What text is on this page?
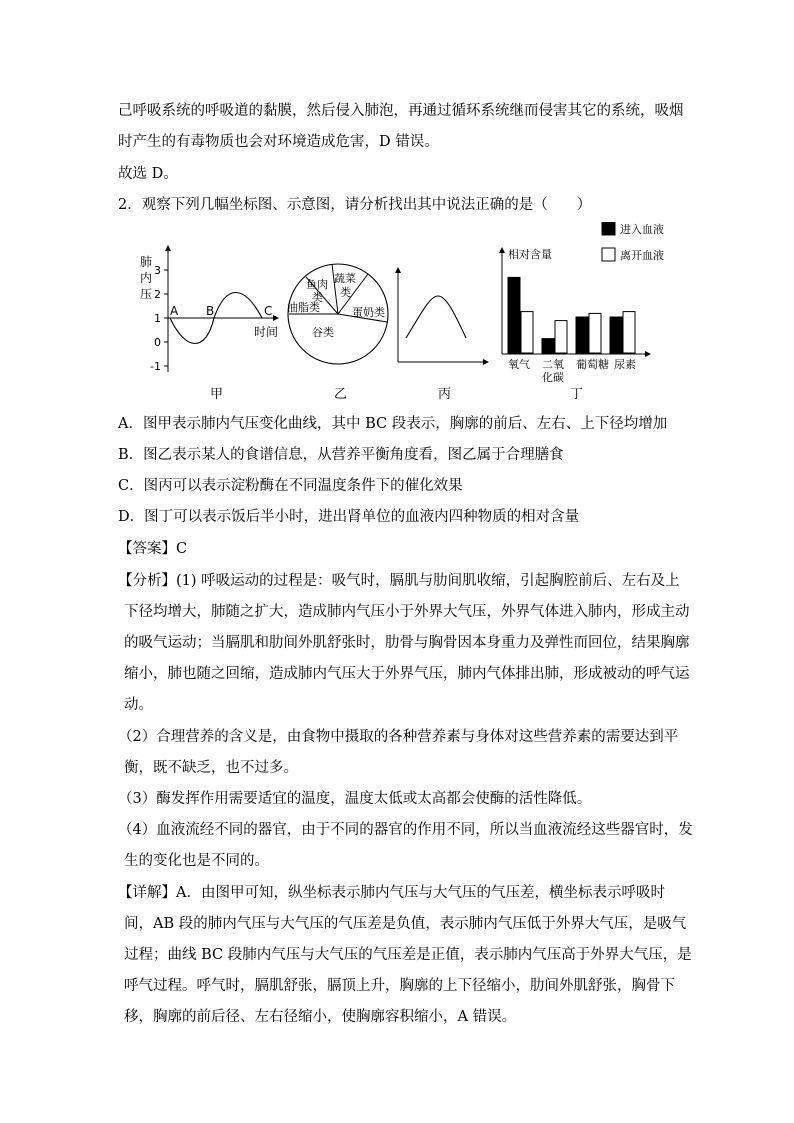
己呼吸系统的呼吸道的黏膜，然后侵入肺泡，再通过循环系统继而侵害其它的系统，吸烟
时产生的有毒物质也会对环境造成危害，D 错误。
故选 D。
2．观察下列几幅坐标图、示意图，请分析找出其中说法正确的是（　　）
肺
内
压
3
2
1
0
-1
A B	C
时间
甲
鱼肉
类
蔬菜
类
油脂类	蛋奶类
谷类
乙	丙
进入血液
离开血液
相对含量
氧气 二氧
化碳
葡萄糖 尿素
丁
A．图甲表示肺内气压变化曲线，其中 BC 段表示，胸廓的前后、左右、上下径均增加
B．图乙表示某人的食谱信息，从营养平衡角度看，图乙属于合理膳食
C．图丙可以表示淀粉酶在不同温度条件下的催化效果
D．图丁可以表示饭后半小时，进出肾单位的血液内四种物质的相对含量
【答案】C
【分析】(1) 呼吸运动的过程是：吸气时，膈肌与肋间肌收缩，引起胸腔前后、左右及上
下径均增大，肺随之扩大，造成肺内气压小于外界大气压，外界气体进入肺内，形成主动
的吸气运动；当膈肌和肋间外肌舒张时，肋骨与胸骨因本身重力及弹性而回位，结果胸廓
缩小，肺也随之回缩，造成肺内气压大于外界气压，肺内气体排出肺，形成被动的呼气运
动。
（2）合理营养的含义是，由食物中摄取的各种营养素与身体对这些营养素的需要达到平
衡，既不缺乏，也不过多。
（3）酶发挥作用需要适宜的温度，温度太低或太高都会使酶的活性降低。
（4）血液流经不同的器官，由于不同的器官的作用不同，所以当血液流经这些器官时，发
生的变化也是不同的。
【详解】A．由图甲可知，纵坐标表示肺内气压与大气压的气压差，横坐标表示呼吸时
间，AB 段的肺内气压与大气压的气压差是负值，表示肺内气压低于外界大气压，是吸气
过程；曲线 BC 段肺内气压与大气压的气压差是正值，表示肺内气压高于外界大气压，是
呼气过程。呼气时，膈肌舒张，膈顶上升，胸廓的上下径缩小，肋间外肌舒张，胸骨下
移，胸廓的前后径、左右径缩小，使胸廓容积缩小，A 错误。
